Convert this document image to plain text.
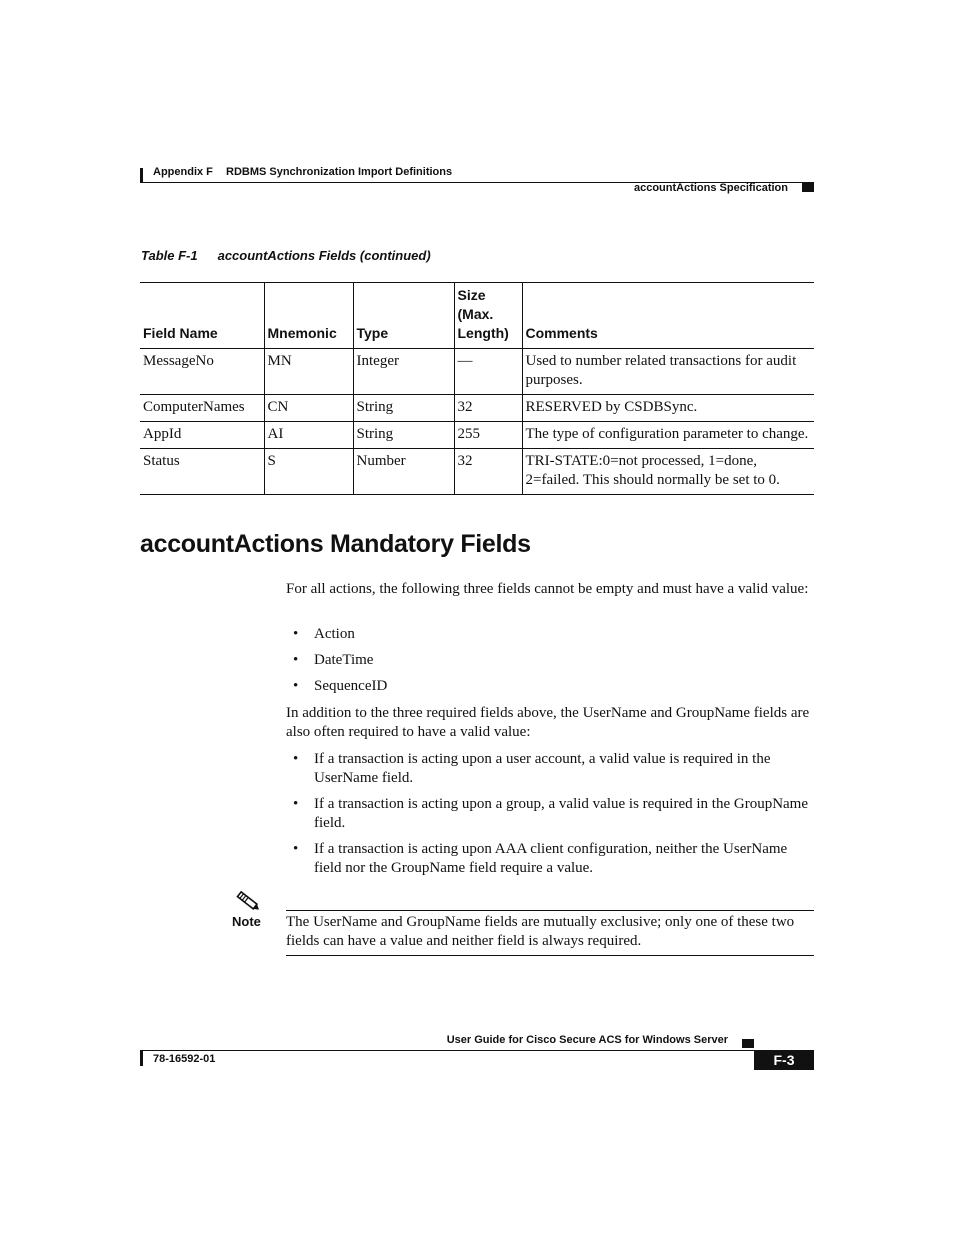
Appendix F RDBMS Synchronization Import Definitions
accountActions Specification
Table F-1 accountActions Fields (continued)
Field Name	Mnemonic	Type	Size (Max. Length)	Comments
MessageNo	MN	Integer	—	Used to number related transactions for audit purposes.
ComputerNames	CN	String	32	RESERVED by CSDBSync.
AppId	AI	String	255	The type of configuration parameter to change.
Status	S	Number	32	TRI-STATE:0=not processed, 1=done, 2=failed. This should normally be set to 0.
accountActions Mandatory Fields
For all actions, the following three fields cannot be empty and must have a valid value:
• Action
• DateTime
• SequenceID
In addition to the three required fields above, the UserName and GroupName fields are also often required to have a valid value:
• If a transaction is acting upon a user account, a valid value is required in the UserName field.
• If a transaction is acting upon a group, a valid value is required in the GroupName field.
• If a transaction is acting upon AAA client configuration, neither the UserName field nor the GroupName field require a value.
Note The UserName and GroupName fields are mutually exclusive; only one of these two fields can have a value and neither field is always required.
User Guide for Cisco Secure ACS for Windows Server
78-16592-01	F-3
